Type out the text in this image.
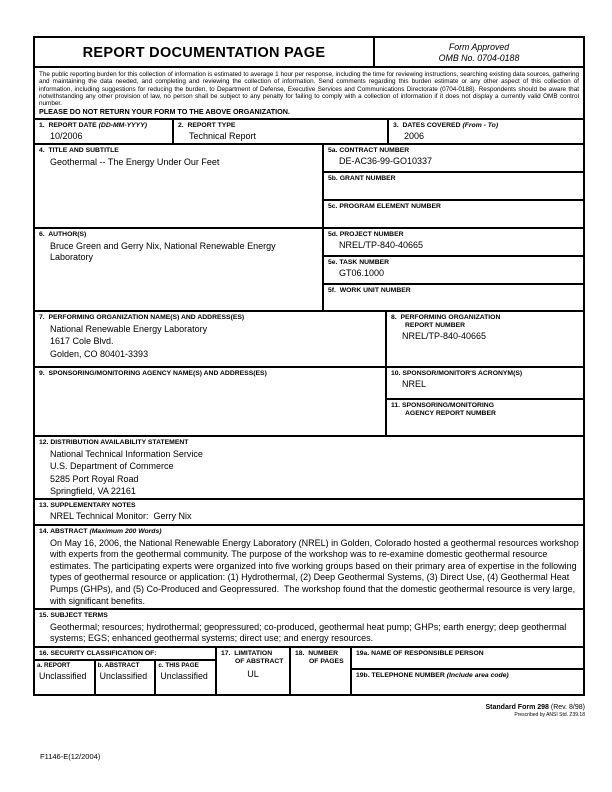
REPORT DOCUMENTATION PAGE	Form Approved
OMB No. 0704-0188
The public reporting burden for this collection of information is estimated to average 1 hour per response, including the time for reviewing instructions, searching existing data sources, gathering and maintaining the data needed, and completing and reviewing the collection of information. Send comments regarding this burden estimate or any other aspect of this collection of information, including suggestions for reducing the burden, to Department of Defense, Executive Services and Communications Directorate (0704-0188). Respondents should be aware that notwithstanding any other provision of law, no person shall be subject to any penalty for failing to comply with a collection of information if it does not display a currently valid OMB control number.
PLEASE DO NOT RETURN YOUR FORM TO THE ABOVE ORGANIZATION.
1.  REPORT DATE (DD-MM-YYYY)
10/2006
2.  REPORT TYPE
Technical Report
3.  DATES COVERED (From - To)
2006
4.  TITLE AND SUBTITLE
Geothermal -- The Energy Under Our Feet
5a. CONTRACT NUMBER
DE-AC36-99-GO10337
5b. GRANT NUMBER
5c. PROGRAM ELEMENT NUMBER
6.  AUTHOR(S)
Bruce Green and Gerry Nix, National Renewable Energy Laboratory
5d. PROJECT NUMBER
NREL/TP-840-40665
5e. TASK NUMBER
GT06.1000
5f.  WORK UNIT NUMBER
7.  PERFORMING ORGANIZATION NAME(S) AND ADDRESS(ES)
National Renewable Energy Laboratory
1617 Cole Blvd.
Golden, CO 80401-3393
8.  PERFORMING ORGANIZATION
REPORT NUMBER
NREL/TP-840-40665
9.  SPONSORING/MONITORING AGENCY NAME(S) AND ADDRESS(ES)	10. SPONSOR/MONITOR'S ACRONYM(S)
NREL
11. SPONSORING/MONITORING
AGENCY REPORT NUMBER
12. DISTRIBUTION AVAILABILITY STATEMENT
National Technical Information Service
U.S. Department of Commerce
5285 Port Royal Road
Springfield, VA 22161
13. SUPPLEMENTARY NOTES
NREL Technical Monitor:  Gerry Nix
14. ABSTRACT (Maximum 200 Words)
On May 16, 2006, the National Renewable Energy Laboratory (NREL) in Golden, Colorado hosted a geothermal resources workshop with experts from the geothermal community. The purpose of the workshop was to re-examine domestic geothermal resource estimates. The participating experts were organized into five working groups based on their primary area of expertise in the following types of geothermal resource or application: (1) Hydrothermal, (2) Deep Geothermal Systems, (3) Direct Use, (4) Geothermal Heat Pumps (GHPs), and (5) Co-Produced and Geopressured.  The workshop found that the domestic geothermal resource is very large, with significant benefits.
15. SUBJECT TERMS
Geothermal; resources; hydrothermal; geopressured; co-produced, geothermal heat pump; GHPs; earth energy; deep geothermal systems; EGS; enhanced geothermal systems; direct use; and energy resources.
16. SECURITY CLASSIFICATION OF:
a. REPORT
Unclassified
b. ABSTRACT
Unclassified
c. THIS PAGE
Unclassified
17.  LIMITATION
OF ABSTRACT
UL
18.  NUMBER
OF PAGES
19a. NAME OF RESPONSIBLE PERSON
19b. TELEPHONE NUMBER (Include area code)
Standard Form 298 (Rev. 8/98)
Prescribed by ANSI Std. Z39.18
F1146-E(12/2004)
